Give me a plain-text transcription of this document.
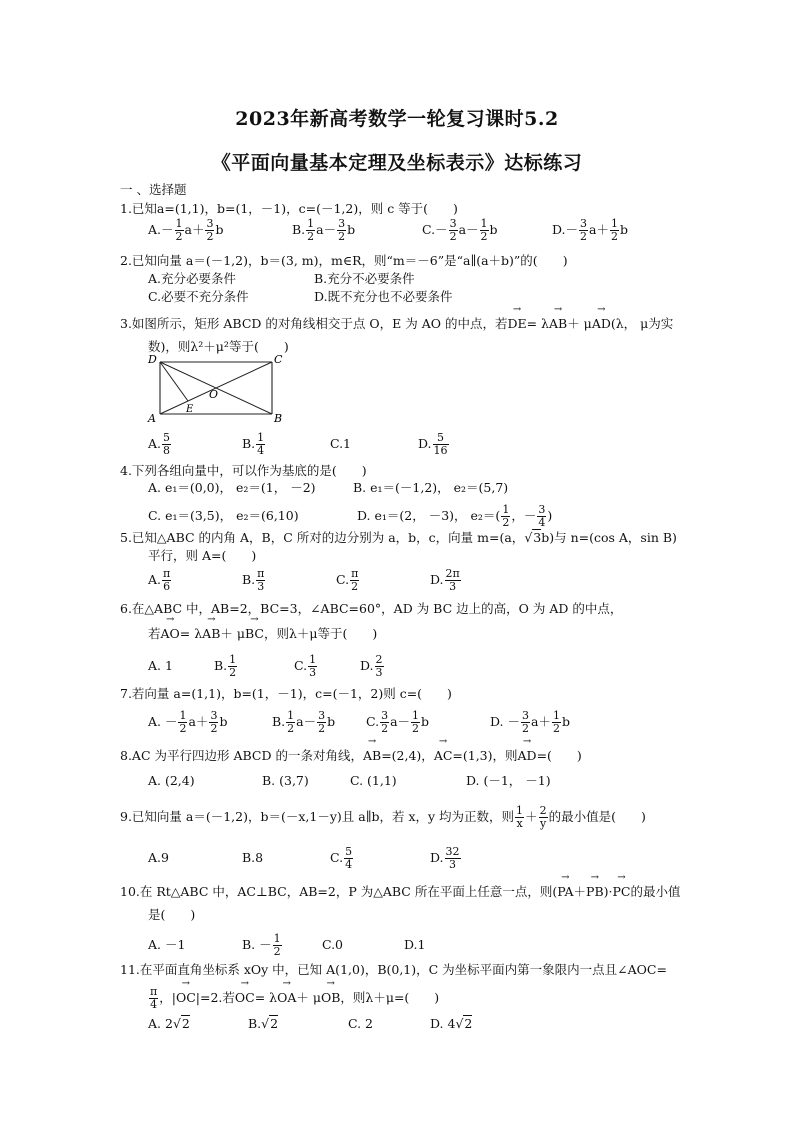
2023年新高考数学一轮复习课时5.2
《平面向量基本定理及坐标表示》达标练习
一 、选择题
1.已知a=(1,1)，b=(1，－1)，c=(－1,2)，则 c 等于(　　)
$A.- \frac{1}{2} a+ \frac{3}{2}$ b	B. $\frac{1}{2} a- \frac{3}{2}$ b	$C.- \frac{3}{2} a- \frac{1}{2}$ b	$D.- \frac{3}{2} a+ \frac{1}{2}$ b
2.已知向量 a＝(－1,2)，b＝(3, m)，m∈R，则“m＝－6”是“a∥(a＋b)”的(　　)
A.充分必要条件	B.充分不必要条件
C.必要不充分条件	D.既不充分也不必要条件
3.如图所示，矩形 ABCD 的对角线相交于点 O，E 为 AO 的中点，若→ DE= λ→ AB＋ μ→ AD(λ， μ为实
数)，则λ²＋μ²等于(　　)
D	C
A	B
O
E
A. $\frac{5}{8}$	B. $\frac{1}{4}$	C.1	D. $\frac{5}{16}$
4.下列各组向量中，可以作为基底的是(　　)
A. e₁＝(0,0)， e₂＝(1， －2)	B. e₁＝(－1,2)， e₂＝(5,7)
C. e₁＝(3,5)， e₂＝(6,10)	D. e₁＝(2， －3)， $e_2=( \frac{1}{2}$ ，－ $\frac{3}{4}$ )
5.已知△ABC 的内角 A，B，C 所对的边分别为 a，b，c，向量 m=(a，√3b)与 n=(cos A，sin B)
平行，则 A=(　　)
A. $\frac{\pi}{6}$	B. $\frac{\pi}{3}$	C. $\frac{\pi}{2}$	D. $\frac{2\pi}{3}$
6.在△ABC 中，AB=2，BC=3，∠ABC=60°，AD 为 BC 边上的高，O 为 AD 的中点，
若→ AO= λ→ AB＋ μ→ BC，则λ＋μ等于(　　)
A. 1	B. $\frac{1}{2}$	C. $\frac{1}{3}$	D. $\frac{2}{3}$
7.若向量 a=(1,1)，b=(1，－1)，c=(－1，2)则 c=(　　)
A. － $\frac{1}{2} a+ \frac{3}{2}$ b	B. $\frac{1}{2} a- \frac{3}{2}$ b C. $\frac{3}{2} a- \frac{1}{2}$ b	D. － $\frac{3}{2} a+ \frac{1}{2}$ b
8.AC 为平行四边形 ABCD 的一条对角线，→ AB=(2,4)，→ AC=(1,3)，则→ AD=(　　)
A. (2,4)	B. (3,7)	C. (1,1)	D. (－1， －1)
9.已知向量 a＝(－1,2)，b＝(－x,1－y)且 a∥b，若 x，y 均为正数，则 $\frac{1}{x} + \frac{2}{y}$ 的最小值是(　　)
A.9	B.8	C. $\frac{5}{4}$	D. $\frac{32}{3}$
10.在 Rt△ABC 中，AC⊥BC，AB=2，P 为△ABC 所在平面上任意一点，则(→ PA＋→ PB)·→ PC的最小值
是(　　)
A. －1	B. － $\frac{1}{2}$	C.0	D.1
11.在平面直角坐标系 xOy 中，已知 A(1,0)，B(0,1)，C 为坐标平面内第一象限内一点且∠AOC=
$\frac{\pi}{4}$ ，|→ OC|=2.若→ OC= λ→ OA＋ μ→ OB，则λ＋μ=(　　)
A. 2√2	B.√2	C. 2	D. 4√2
